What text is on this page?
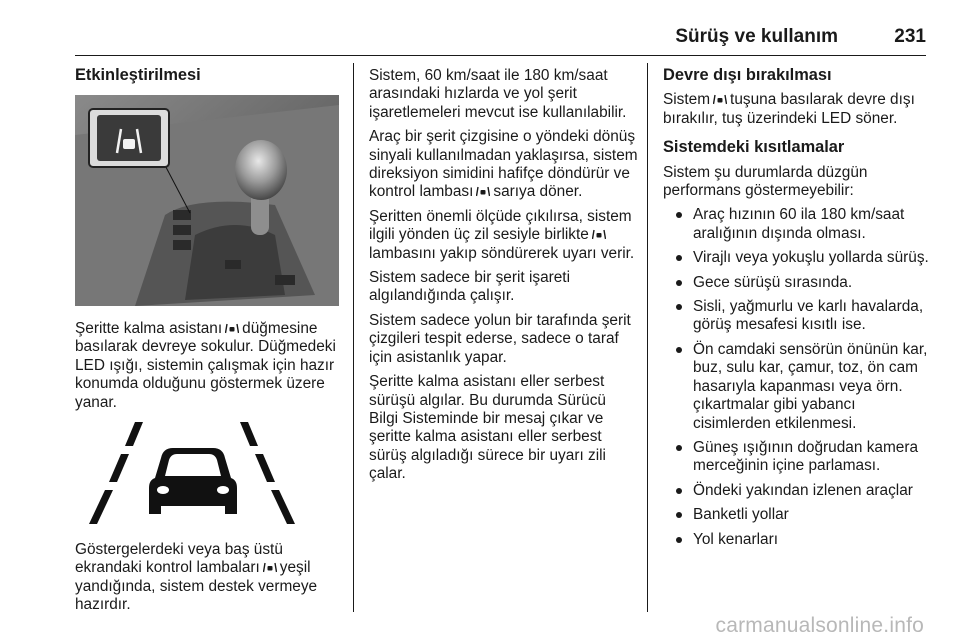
Sürüş ve kullanım	231
Etkinleştirilmesi

Şeritte kalma asistanı düğmesine basılarak devreye sokulur. Düğmedeki LED ışığı, sistemin çalışmak için hazır konumda olduğunu göstermek üzere yanar.

Göstergelerdeki veya baş üstü ekrandaki kontrol lambaları yeşil yandığında, sistem destek vermeye hazırdır.

Sistem, 60 km/saat ile 180 km/saat arasındaki hızlarda ve yol şerit işaretlemeleri mevcut ise kullanılabilir.

Araç bir şerit çizgisine o yöndeki dönüş sinyali kullanılmadan yaklaşırsa, sistem direksiyon simidini hafifçe döndürür ve kontrol lambası sarıya döner.

Şeritten önemli ölçüde çıkılırsa, sistem ilgili yönden üç zil sesiyle birliktelambasını yakıp söndürerek uyarı verir.

Sistem sadece bir şerit işareti algılandığında çalışır.

Sistem sadece yolun bir tarafında şerit çizgileri tespit ederse, sadece o taraf için asistanlık yapar.

Şeritte kalma asistanı eller serbest sürüşü algılar. Bu durumda Sürücü Bilgi Sisteminde bir mesaj çıkar ve şeritte kalma asistanı eller serbest sürüş algıladığı sürece bir uyarı zili çalar.

Devre dışı bırakılması

Sistem tuşuna basılarak devre dışı bırakılır, tuş üzerindeki LED söner.

Sistemdeki kısıtlamalar

Sistem şu durumlarda düzgün performans göstermeyebilir:

Araç hızının 60 ila 180 km/saat aralığının dışında olması.
Virajlı veya yokuşlu yollarda sürüş.
Gece sürüşü sırasında.
Sisli, yağmurlu ve karlı havalarda, görüş mesafesi kısıtlı ise.
Ön camdaki sensörün önünün kar, buz, sulu kar, çamur, toz, ön cam hasarıyla kapanması veya örn. çıkartmalar gibi yabancı cisimlerden etkilenmesi.
Güneş ışığının doğrudan kamera merceğinin içine parlaması.
Öndeki yakından izlenen araçlar
Banketli yollar
Yol kenarları
carmanualsonline.info
